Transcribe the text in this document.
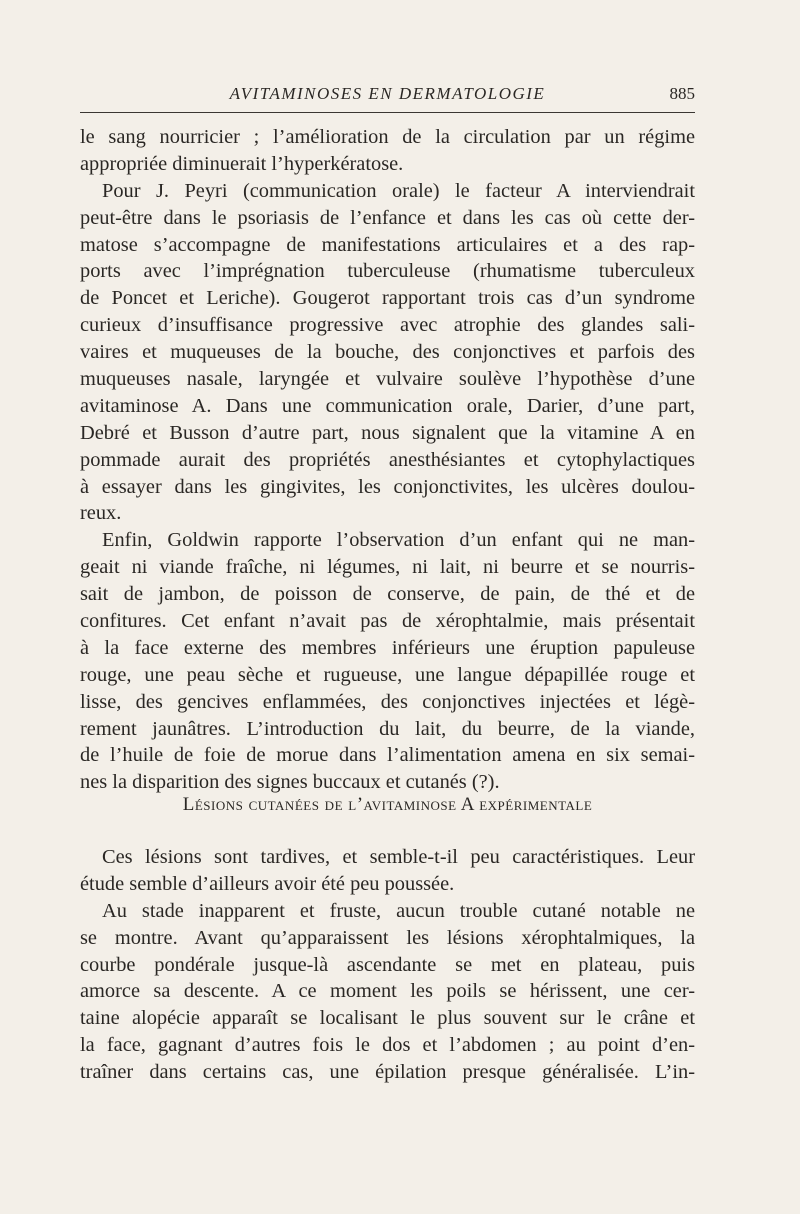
AVITAMINOSES EN DERMATOLOGIE	885
le sang nourricier ; l’amélioration de la circulation par un régime
appropriée diminuerait l’hyperkératose.
Pour J. Peyri (communication orale) le facteur A interviendrait
peut-être dans le psoriasis de l’enfance et dans les cas où cette der-
matose s’accompagne de manifestations articulaires et a des rap-
ports avec l’imprégnation tuberculeuse (rhumatisme tuberculeux
de Poncet et Leriche). Gougerot rapportant trois cas d’un syndrome
curieux d’insuffisance progressive avec atrophie des glandes sali-
vaires et muqueuses de la bouche, des conjonctives et parfois des
muqueuses nasale, laryngée et vulvaire soulève l’hypothèse d’une
avitaminose A. Dans une communication orale, Darier, d’une part,
Debré et Busson d’autre part, nous signalent que la vitamine A en
pommade aurait des propriétés anesthésiantes et cytophylactiques
à essayer dans les gingivites, les conjonctivites, les ulcères doulou-
reux.
Enfin, Goldwin rapporte l’observation d’un enfant qui ne man-
geait ni viande fraîche, ni légumes, ni lait, ni beurre et se nourris-
sait de jambon, de poisson de conserve, de pain, de thé et de
confitures. Cet enfant n’avait pas de xérophtalmie, mais présentait
à la face externe des membres inférieurs une éruption papuleuse
rouge, une peau sèche et rugueuse, une langue dépapillée rouge et
lisse, des gencives enflammées, des conjonctives injectées et légè-
rement jaunâtres. L’introduction du lait, du beurre, de la viande,
de l’huile de foie de morue dans l’alimentation amena en six semai-
nes la disparition des signes buccaux et cutanés (?).
Lésions cutanées de l’avitaminose A expérimentale
Ces lésions sont tardives, et semble-t-il peu caractéristiques. Leur
étude semble d’ailleurs avoir été peu poussée.
Au stade inapparent et fruste, aucun trouble cutané notable ne
se montre. Avant qu’apparaissent les lésions xérophtalmiques, la
courbe pondérale jusque-là ascendante se met en plateau, puis
amorce sa descente. A ce moment les poils se hérissent, une cer-
taine alopécie apparaît se localisant le plus souvent sur le crâne et
la face, gagnant d’autres fois le dos et l’abdomen ; au point d’en-
traîner dans certains cas, une épilation presque généralisée. L’in-
